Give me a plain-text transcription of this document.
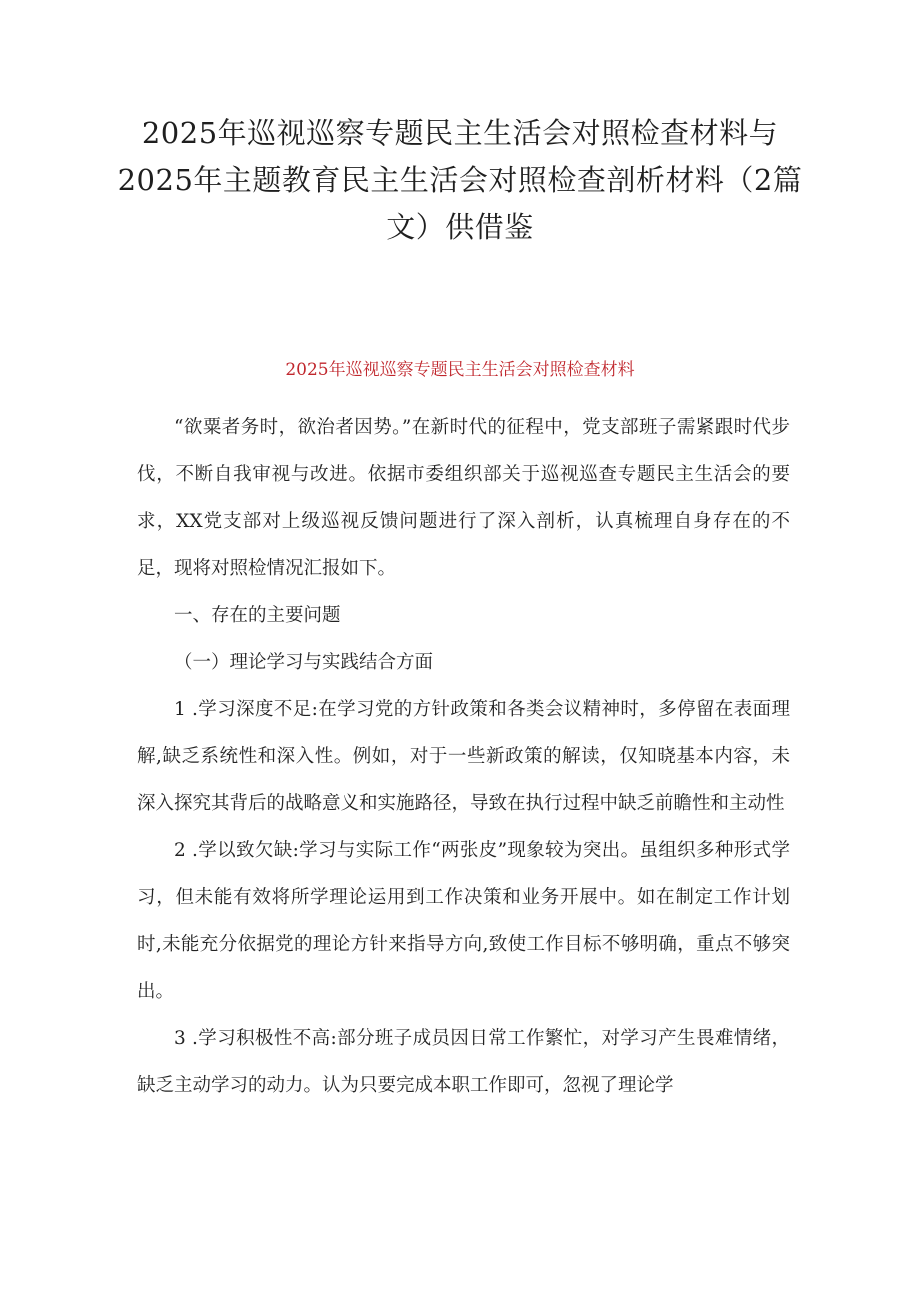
2025年巡视巡察专题民主生活会对照检查材料与2025年主题教育民主生活会对照检查剖析材料（2篇文）供借鉴
2025年巡视巡察专题民主生活会对照检查材料

“欲粟者务时，欲治者因势。”在新时代的征程中，党支部班子需紧跟时代步伐，不断自我审视与改进。依据市委组织部关于巡视巡查专题民主生活会的要求，XX党支部对上级巡视反馈问题进行了深入剖析，认真梳理自身存在的不足，现将对照检情况汇报如下。

一、存在的主要问题

（一）理论学习与实践结合方面

1 .学习深度不足:在学习党的方针政策和各类会议精神时，多停留在表面理解,缺乏系统性和深入性。例如，对于一些新政策的解读，仅知晓基本内容，未深入探究其背后的战略意义和实施路径，导致在执行过程中缺乏前瞻性和主动性

2 .学以致欠缺:学习与实际工作“两张皮”现象较为突出。虽组织多种形式学习，但未能有效将所学理论运用到工作决策和业务开展中。如在制定工作计划时,未能充分依据党的理论方针来指导方向,致使工作目标不够明确，重点不够突出。

3 .学习积极性不高:部分班子成员因日常工作繁忙，对学习产生畏难情绪，缺乏主动学习的动力。认为只要完成本职工作即可，忽视了理论学
